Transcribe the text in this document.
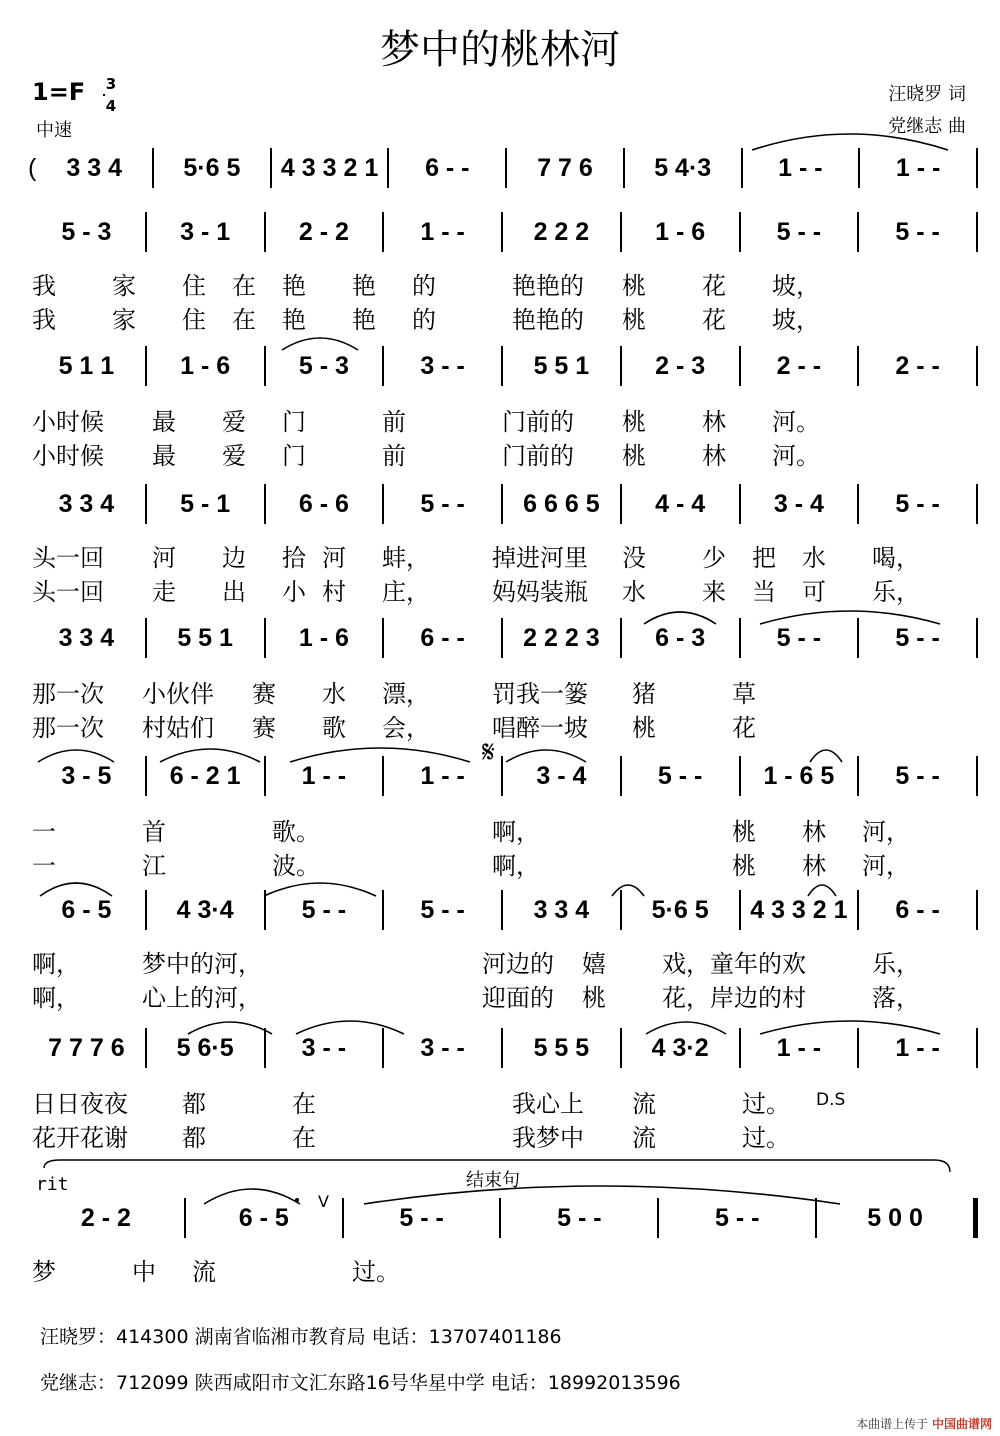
梦中的桃林河
1=F 3
4
中速
汪晓罗 词
党继志 曲
(	3 3 4	5·6 5	4 3 3 2 1	6 - -	7 7 6	5 4·3	1 - -	1 - -
5 - 3	3 - 1	2 - 2	1 - -	2 2 2	1 - 6	5 - -	5 - -
5 1 1	1 - 6	5 - 3	3 - -	5 5 1	2 - 3	2 - -	2 - -
3 3 4	5 - 1	6 - 6	5 - -	6 6 6 5	4 - 4	3 - 4	5 - -
3 3 4	5 5 1	1 - 6	6 - -	2 2 2 3	6 - 3	5 - -	5 - -
3 - 5	6 - 2 1	1 - -	1 - -	3 - 4	5 - -	1 - 6 5	5 - -
6 - 5	4 3·4	5 - -	5 - -	3 3 4	5·6 5	4 3 3 2 1	6 - -
7 7 7 6	5 6·5	3 - -	3 - -	5 5 5	4 3·2	1 - -	1 - -
2 - 2	6 - 5	5 - -	5 - -	5 - -	5 0 0
我 家 住 在 艳 艳 的	艳艳的 桃 花 坡，
我 家 住 在 艳 艳 的	艳艳的 桃 花 坡，
小时候 最 爱 门	前	门前的 桃 林 河。
小时候 最 爱 门	前	门前的 桃 林 河。
头一回 河 边 拾 河 蚌，	掉进河里 没 少 把 水 喝，
头一回 走 出 小 村 庄，	妈妈装瓶 水 来 当 可 乐，
那一次 小伙伴 赛 水 漂，	罚我一篓 猪	草
那一次 村姑们 赛 歌 会，	唱醉一坡 桃	花
一	首	歌。	啊，	桃 林 河，
一	江	波。	啊，	桃 林 河，
啊，	梦中的河，	河边的 嬉 戏，童年的欢	乐，
啊，	心上的河，	迎面的 桃 花，岸边的村	落，
日日夜夜 都	在	我心上 流	过。
花开花谢 都	在	我梦中 流	过。
梦	中 流	过。
𝄋
D.S
rit	结束句
V
汪晓罗：414300 湖南省临湘市教育局 电话：13707401186
党继志：712099 陕西咸阳市文汇东路16号华星中学 电话：18992013596
本曲谱上传于 中国曲谱网
